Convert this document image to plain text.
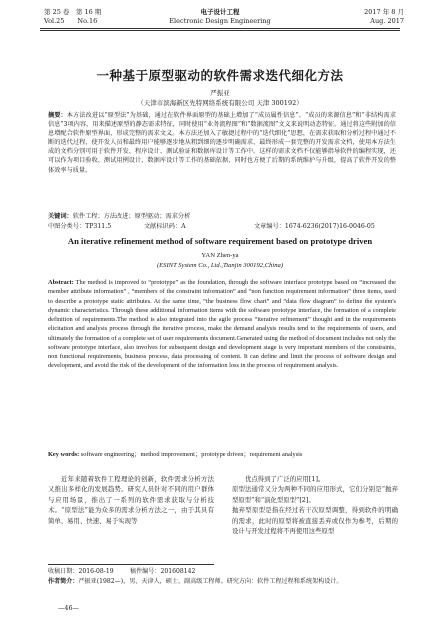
第 25 卷　第 16 期
Vol.25　　No.16
电子设计工程
Electronic Design Engineering
2017 年 8 月
Aug. 2017
一种基于原型驱动的软件需求迭代细化方法
严振亚
（天津市滨海新区先特网络系统有限公司 天津 300192）
摘要：本方法改进以“原型法”为基础，通过在软件界面原型的基础上增加了“成员属性信息”、“成员的来源信息”和“非结构需求信息”3项内容，用来描述原型的静态需求特征，同时使用“业务流程图”和“数据流图”文义来说明动态特征。通过将这些附加的信息增配合软件原型界面，形成完整的需求文义。本方法还加入了敏捷过程中的“迭代细化”思想，在需求获取和分析过程中通过不断的迭代过程，使开发人员和最终用户能够逐步地从粗到细的逐步明确需求，最终形成一套完整的开发需求文档，使用本方法生成的文档分别可用于软件开发、程序设计、测试验证和数据库设计等工作中。这样的需求文档不仅能够指导软件的编程实现，还可以作为项目验收、测试用例设计、数据库设计等工作的基础依据，同时也方便了后期的系统维护与升级，提高了软件开发的整体效率与质量。
关键词：软件工程；方法改进；原型驱动；需求分析
中图分类号：TP311.5	文献标识码：A	文章编号：1674-6236(2017)16-0046-05
An iterative refinement method of software requirement based on prototype driven
YAN Zhen-ya
(ESINT System Co., Ltd.,Tianjin 300192,China)
Abstract: The method is improved to “prototype” as the foundation, through the software interface prototype based on “increased the member attribute information” , “members of the constraint information” and “non function requirement information” three items, used to describe a prototype static attributes. At the same time, “the business flow chart” and “data flow diagram” to define the system's dynamic characteristics. Through these additional information items with the software prototype interface, the formation of a complete definition of requirements.The method is also integrated into the agile process “iterative refinement” thought and in the requirements elicitation and analysis process through the iterative process, make the demand analysis results tend to the requirements of users, and ultimately the formation of a complete set of user requirements document.Generated using the method of document includes not only the software prototype interface, also involves for subsequent design and development stage is very important members of the constraints, non functional requirements, business process, data processing of content. It can define and limit the process of software design and development, and avoid the risk of the development of the information loss in the process of requirement analysis.
Key words: software engineering；method improvement；prototype driven；requirement analysis
近年来随着软件工程理论的创新，软件需求分析方法又推出多样化的发展趋势。研究人员针对不同的用户群体与应用场景，推出了一系列的软件需求获取与分析技术。“原型法”能为众多的需求分析方法之一，由于其具有简单、易用、快速、易于实现等
优点得到了广泛的应用[1]。
原型法通常又分为两种不同的应用形式，它们分别是“抛弃型原型”和“演化型原型”[2]。
抛弃型原型是指在经过若干次原型调整，得到软件的明确的需求，此时的原型将被直接丢弃或仅作为参考，后期的设计与开发过程将不再使用这些原型
收稿日期：2016-08-19	稿件编号：201608142
作者简介：严振亚(1982—)，男，天津人，硕士，副高级工程师。研究方向：软件工程过程和系统架构设计。
—46—
